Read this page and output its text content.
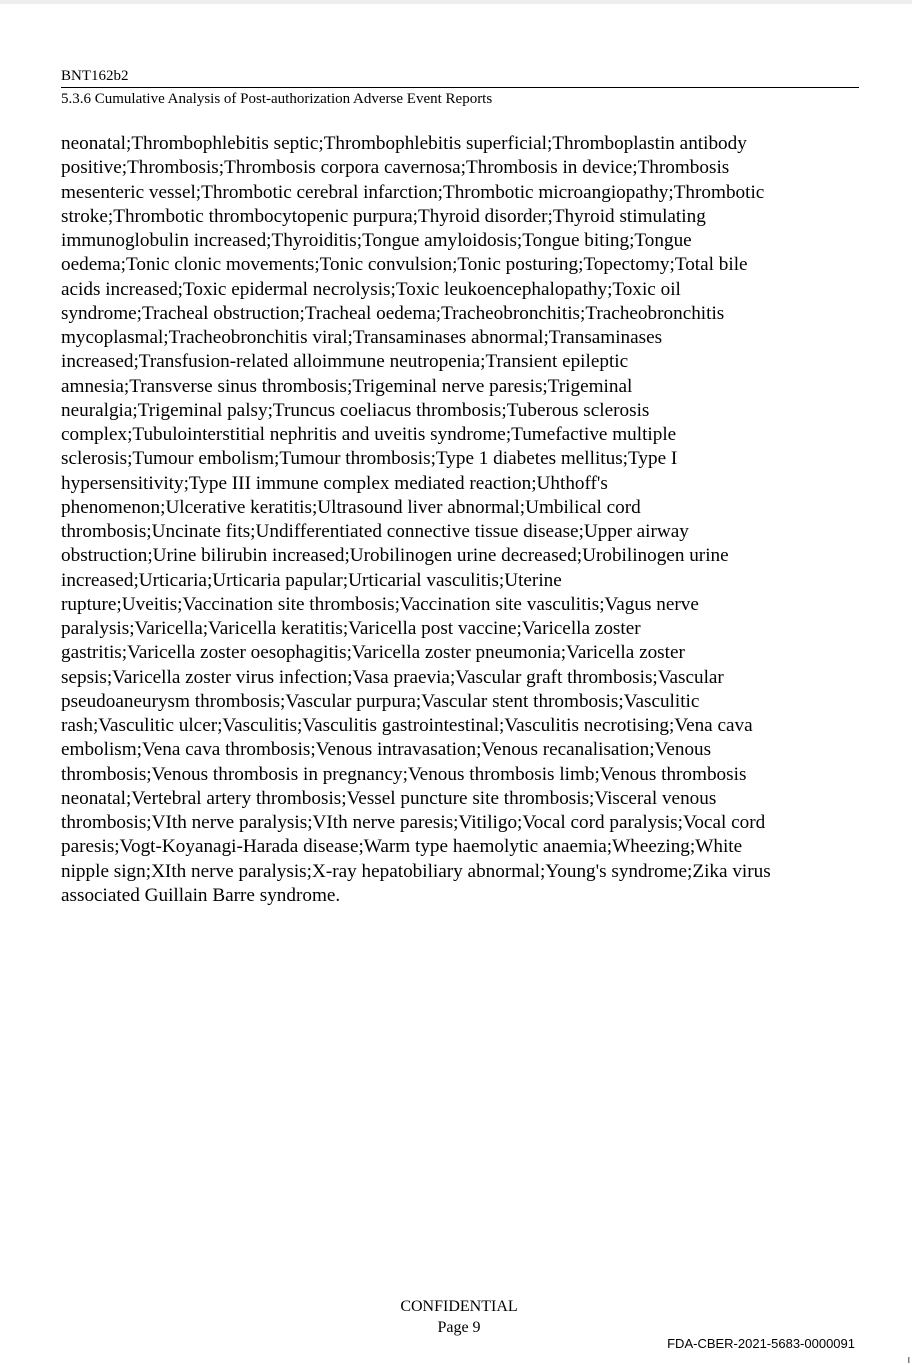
BNT162b2
5.3.6 Cumulative Analysis of Post-authorization Adverse Event Reports

neonatal;Thrombophlebitis septic;Thrombophlebitis superficial;Thromboplastin antibody

positive;Thrombosis;Thrombosis corpora cavernosa;Thrombosis in device;Thrombosis

mesenteric vessel;Thrombotic cerebral infarction;Thrombotic microangiopathy;Thrombotic

stroke;Thrombotic thrombocytopenic purpura;Thyroid disorder;Thyroid stimulating

immunoglobulin increased;Thyroiditis;Tongue amyloidosis;Tongue biting;Tongue

oedema;Tonic clonic movements;Tonic convulsion;Tonic posturing;Topectomy;Total bile

acids increased;Toxic epidermal necrolysis;Toxic leukoencephalopathy;Toxic oil

syndrome;Tracheal obstruction;Tracheal oedema;Tracheobronchitis;Tracheobronchitis

mycoplasmal;Tracheobronchitis viral;Transaminases abnormal;Transaminases

increased;Transfusion-related alloimmune neutropenia;Transient epileptic

amnesia;Transverse sinus thrombosis;Trigeminal nerve paresis;Trigeminal

neuralgia;Trigeminal palsy;Truncus coeliacus thrombosis;Tuberous sclerosis

complex;Tubulointerstitial nephritis and uveitis syndrome;Tumefactive multiple

sclerosis;Tumour embolism;Tumour thrombosis;Type 1 diabetes mellitus;Type I

hypersensitivity;Type III immune complex mediated reaction;Uhthoff's

phenomenon;Ulcerative keratitis;Ultrasound liver abnormal;Umbilical cord

thrombosis;Uncinate fits;Undifferentiated connective tissue disease;Upper airway

obstruction;Urine bilirubin increased;Urobilinogen urine decreased;Urobilinogen urine

increased;Urticaria;Urticaria papular;Urticarial vasculitis;Uterine

rupture;Uveitis;Vaccination site thrombosis;Vaccination site vasculitis;Vagus nerve

paralysis;Varicella;Varicella keratitis;Varicella post vaccine;Varicella zoster

gastritis;Varicella zoster oesophagitis;Varicella zoster pneumonia;Varicella zoster

sepsis;Varicella zoster virus infection;Vasa praevia;Vascular graft thrombosis;Vascular

pseudoaneurysm thrombosis;Vascular purpura;Vascular stent thrombosis;Vasculitic

rash;Vasculitic ulcer;Vasculitis;Vasculitis gastrointestinal;Vasculitis necrotising;Vena cava

embolism;Vena cava thrombosis;Venous intravasation;Venous recanalisation;Venous

thrombosis;Venous thrombosis in pregnancy;Venous thrombosis limb;Venous thrombosis

neonatal;Vertebral artery thrombosis;Vessel puncture site thrombosis;Visceral venous

thrombosis;VIth nerve paralysis;VIth nerve paresis;Vitiligo;Vocal cord paralysis;Vocal cord

paresis;Vogt-Koyanagi-Harada disease;Warm type haemolytic anaemia;Wheezing;White

nipple sign;XIth nerve paralysis;X-ray hepatobiliary abnormal;Young's syndrome;Zika virus

associated Guillain Barre syndrome.

CONFIDENTIAL
Page 9
FDA-CBER-2021-5683-0000091
I
